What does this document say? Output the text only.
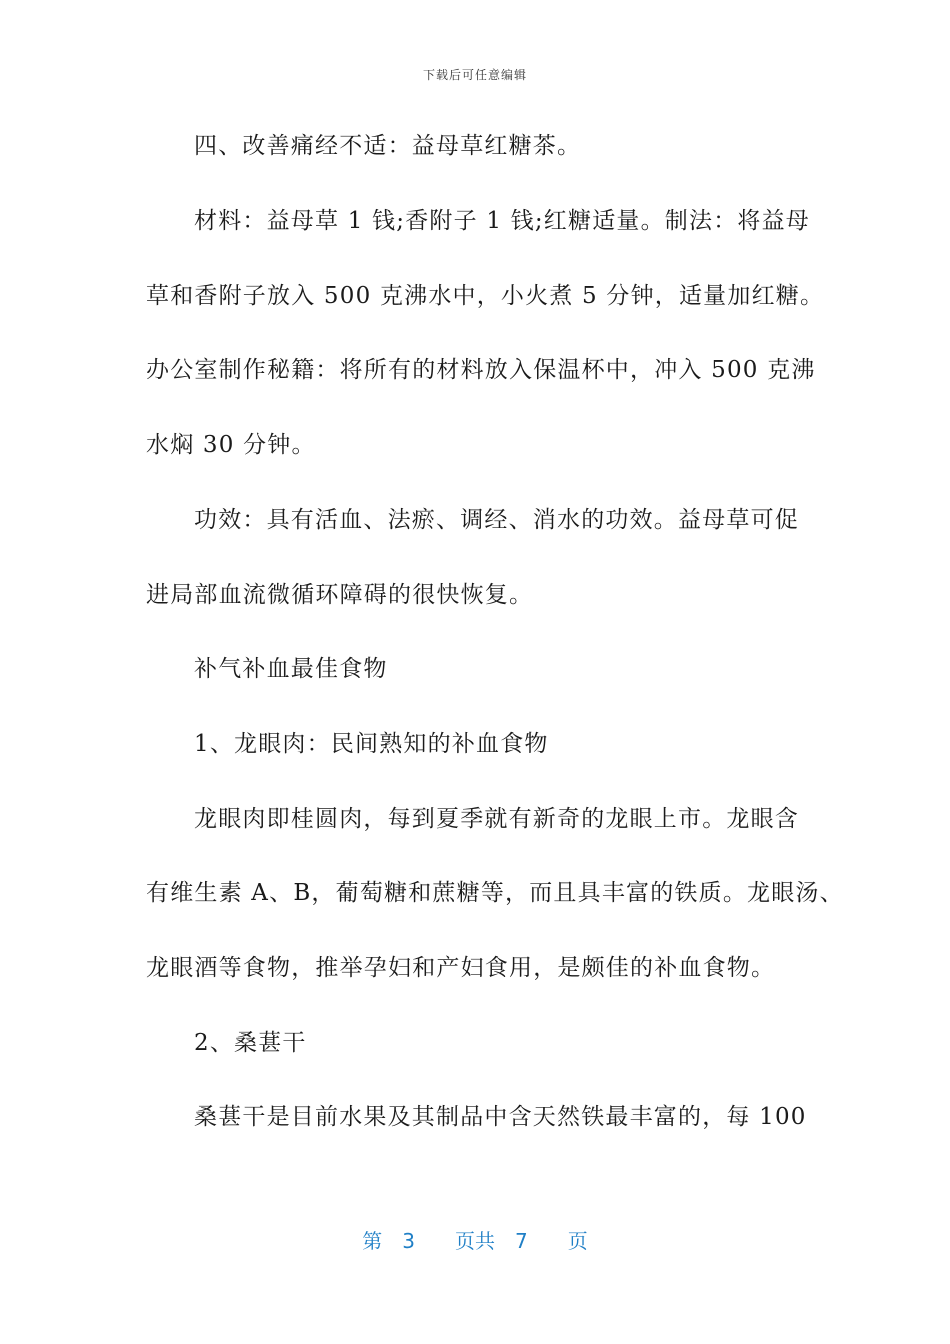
下载后可任意编辑
四、改善痛经不适：益母草红糖茶。
材料：益母草 1 钱;香附子 1 钱;红糖适量。制法：将益母
草和香附子放入 500 克沸水中，小火煮 5 分钟，适量加红糖。
办公室制作秘籍：将所有的材料放入保温杯中，冲入 500 克沸
水焖 30 分钟。
功效：具有活血、法瘀、调经、消水的功效。益母草可促
进局部血流微循环障碍的很快恢复。
补气补血最佳食物
1、龙眼肉：民间熟知的补血食物
龙眼肉即桂圆肉，每到夏季就有新奇的龙眼上市。龙眼含
有维生素 A、B，葡萄糖和蔗糖等，而且具丰富的铁质。龙眼汤、
龙眼酒等食物，推举孕妇和产妇食用，是颇佳的补血食物。
2、桑葚干
桑葚干是目前水果及其制品中含天然铁最丰富的，每 100
第 3 页共 7 页
